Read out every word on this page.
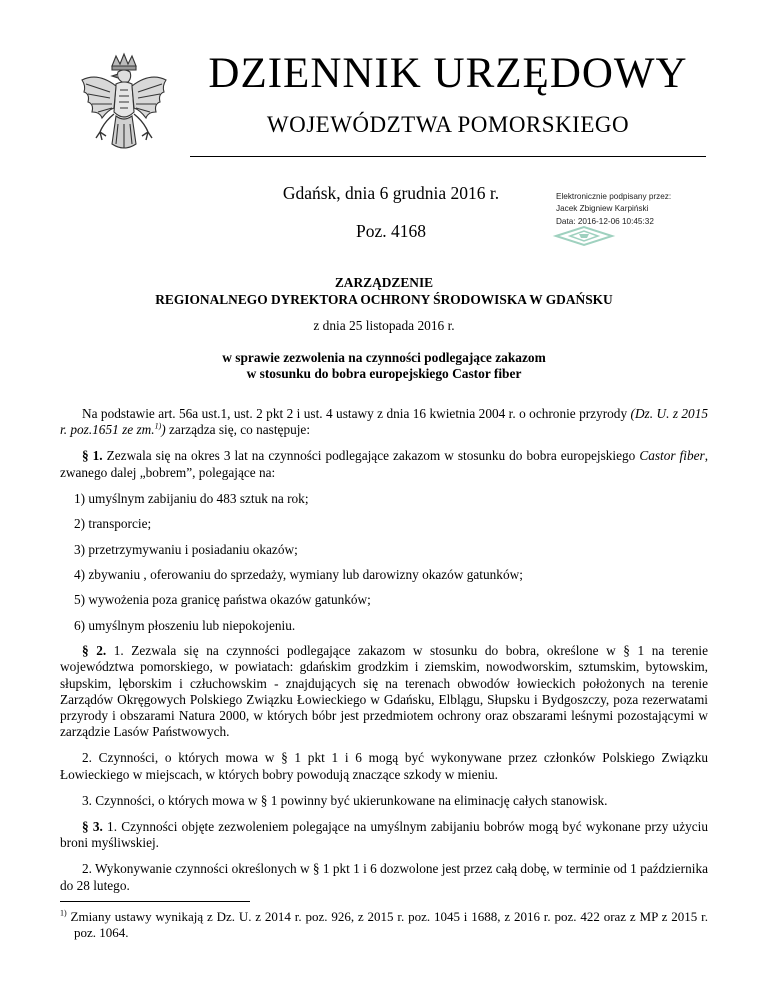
DZIENNIK URZĘDOWY
WOJEWÓDZTWA POMORSKIEGO
Gdańsk, dnia 6 grudnia 2016 r.
Poz. 4168
Elektronicznie podpisany przez:
Jacek Zbigniew Karpiński
Data: 2016-12-06 10:45:32
ZARZĄDZENIE
REGIONALNEGO DYREKTORA OCHRONY ŚRODOWISKA W GDAŃSKU
z dnia 25 listopada 2016 r.
w sprawie zezwolenia na czynności podlegające zakazom
w stosunku do bobra europejskiego Castor fiber

Na podstawie art. 56a ust.1, ust. 2 pkt 2 i ust. 4 ustawy z dnia 16 kwietnia 2004 r. o ochronie przyrody (Dz. U. z 2015 r. poz.1651 ze zm.$^{1)}$) zarządza się, co następuje:

§ 1. Zezwala się na okres 3 lat na czynności podlegające zakazom w stosunku do bobra europejskiego Castor fiber, zwanego dalej „bobrem”, polegające na:

1) umyślnym zabijaniu do 483 sztuk na rok;

2) transporcie;

3) przetrzymywaniu i posiadaniu okazów;

4) zbywaniu , oferowaniu do sprzedaży, wymiany lub darowizny okazów gatunków;

5) wywożenia poza granicę państwa okazów gatunków;

6) umyślnym płoszeniu lub niepokojeniu.

§ 2. 1. Zezwala się na czynności podlegające zakazom w stosunku do bobra, określone w § 1 na terenie województwa pomorskiego, w powiatach: gdańskim grodzkim i ziemskim, nowodworskim, sztumskim, bytowskim, słupskim, lęborskim i człuchowskim - znajdujących się na terenach obwodów łowieckich położonych na terenie Zarządów Okręgowych Polskiego Związku Łowieckiego w Gdańsku, Elblągu, Słupsku i Bydgoszczy, poza rezerwatami przyrody i obszarami Natura 2000, w których bóbr jest przedmiotem ochrony oraz obszarami leśnymi pozostającymi w zarządzie Lasów Państwowych.

2. Czynności, o których mowa w § 1 pkt 1 i 6 mogą być wykonywane przez członków Polskiego Związku Łowieckiego w miejscach, w których bobry powodują znaczące szkody w mieniu.

3. Czynności, o których mowa w § 1 powinny być ukierunkowane na eliminację całych stanowisk.

§ 3. 1. Czynności objęte zezwoleniem polegające na umyślnym zabijaniu bobrów mogą być wykonane przy użyciu broni myśliwskiej.

2. Wykonywanie czynności określonych w § 1 pkt 1 i 6 dozwolone jest przez całą dobę, w terminie od 1 października do 28 lutego.

$^{1)}$ Zmiany ustawy wynikają z Dz. U. z 2014 r. poz. 926, z 2015 r. poz. 1045 i 1688, z 2016 r. poz. 422 oraz z MP z 2015 r. poz. 1064.
